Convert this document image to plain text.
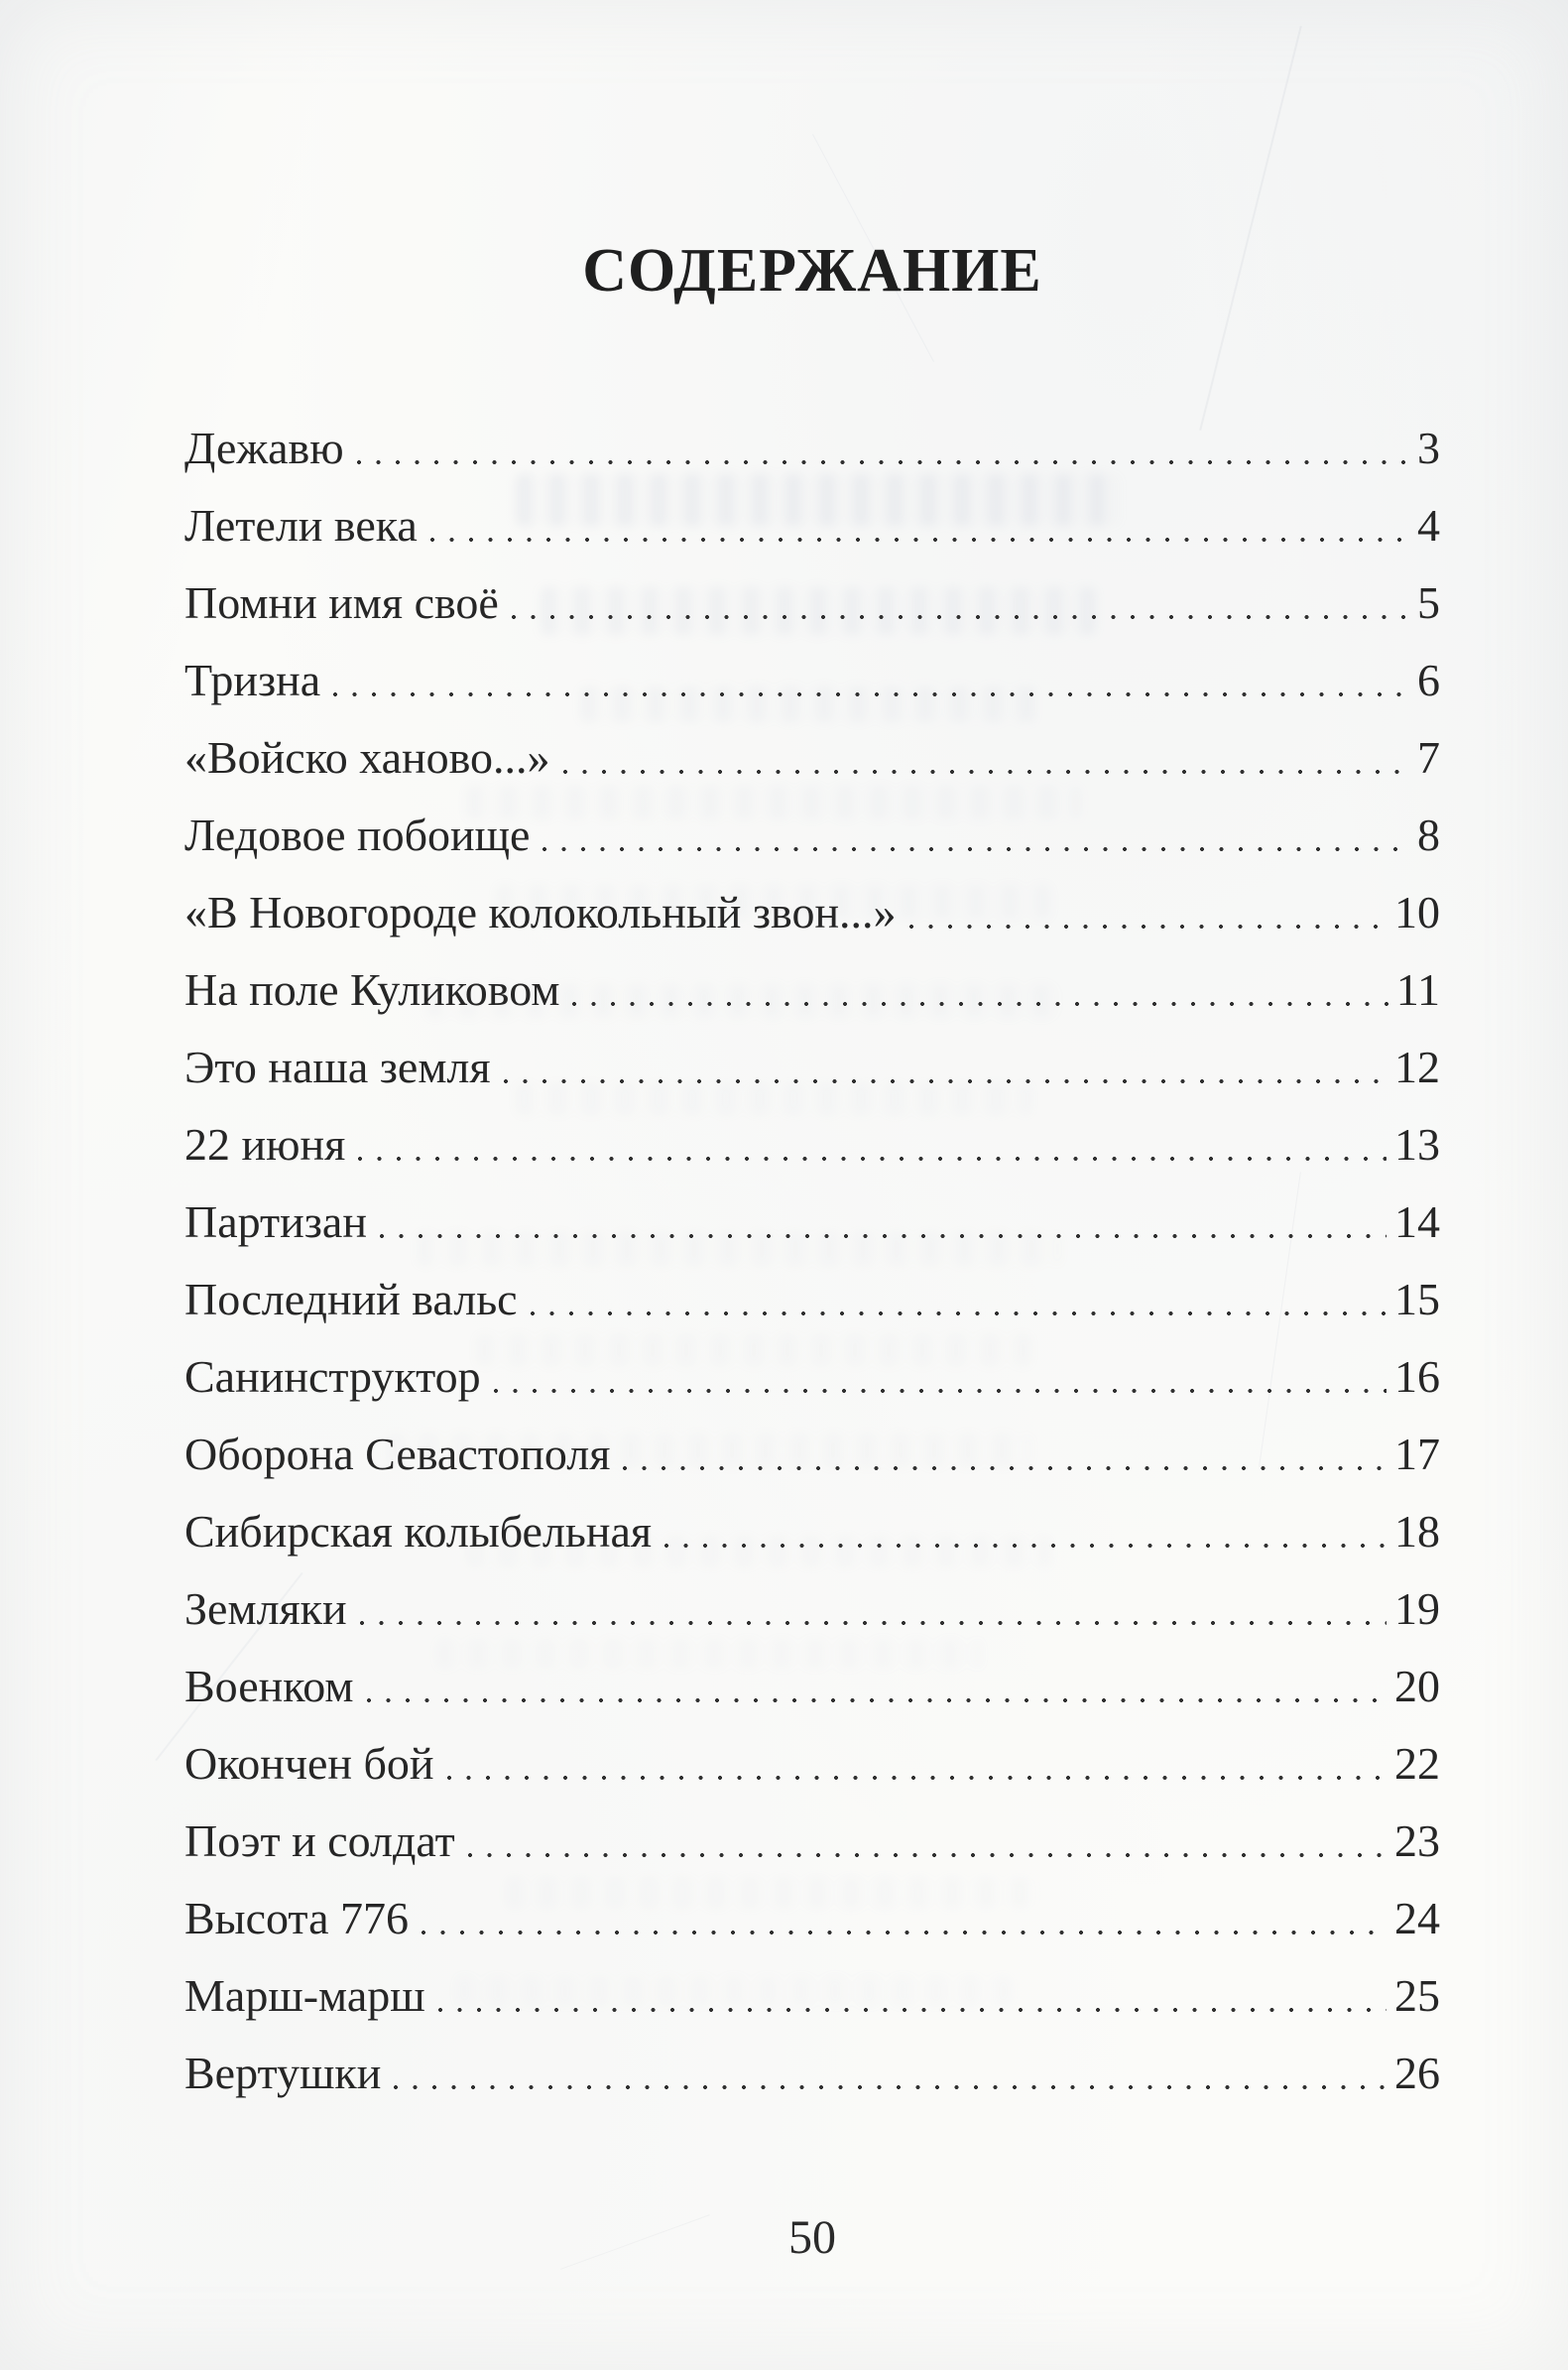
СОДЕРЖАНИЕ
Дежавю	3
Летели века	4
Помни имя своё	5
Тризна	6
«Войско ханово...»	7
Ледовое побоище	8
«В Новогороде колокольный звон...»	10
На поле Куликовом	11
Это наша земля	12
22 июня	13
Партизан	14
Последний вальс	15
Санинструктор	16
Оборона Севастополя	17
Сибирская колыбельная	18
Земляки	19
Военком	20
Окончен бой	22
Поэт и солдат	23
Высота 776	24
Марш-марш	25
Вертушки	26
50
